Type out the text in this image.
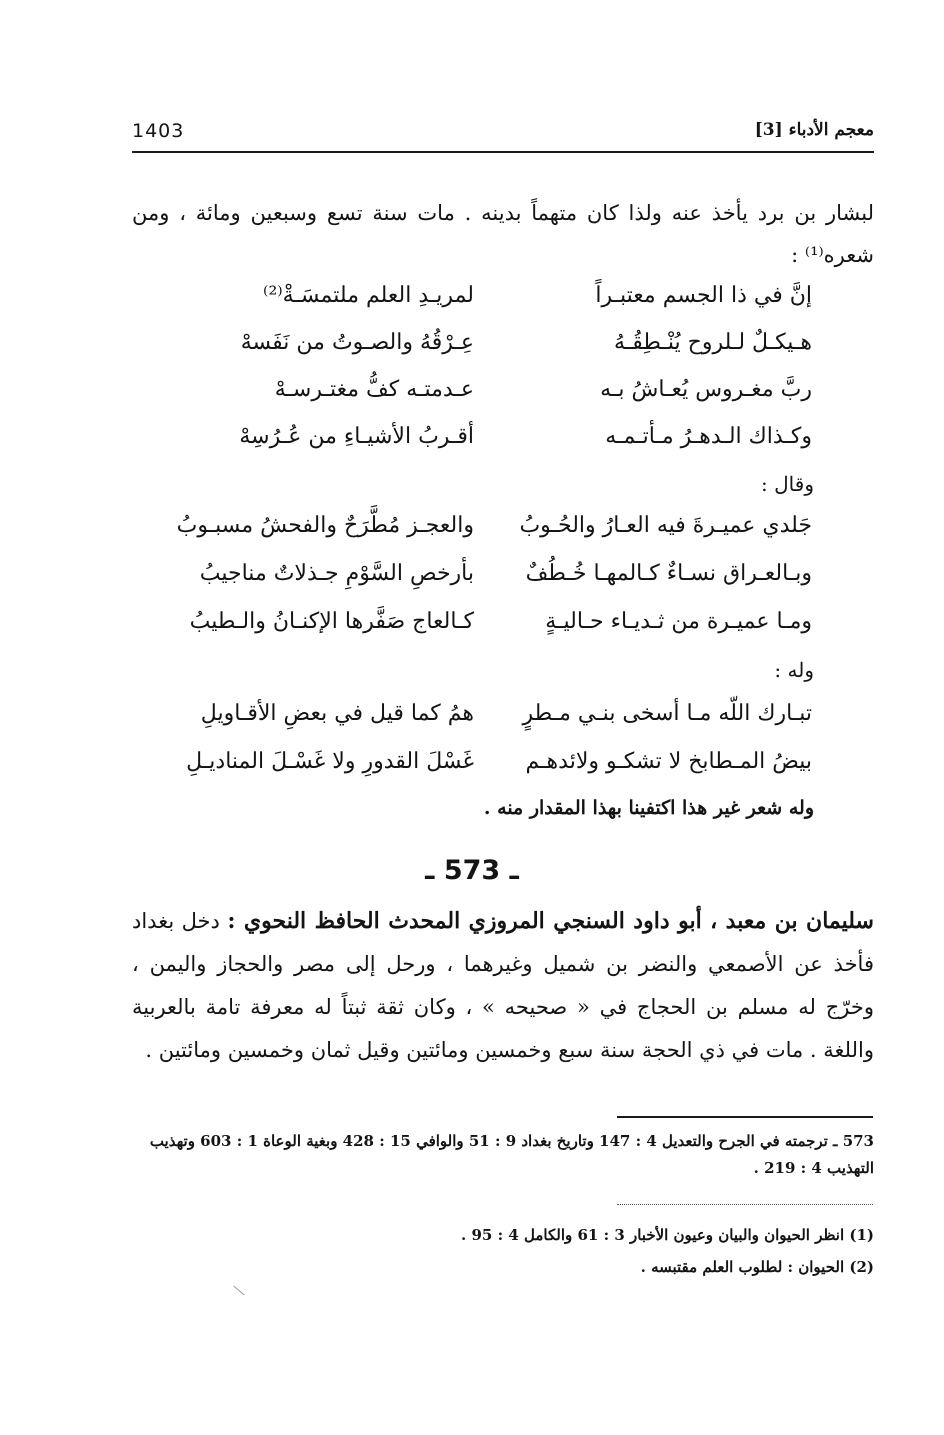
1403	معجم الأدباء [3]
لبشار بن برد يأخذ عنه ولذا كان متهماً بدينه . مات سنة تسع وسبعين ومائة ، ومن شعره⁽¹⁾ :
إنَّ في ذا الجسم معتبـراً
لمريـدِ العلم ملتمسَـةْ⁽²⁾
هـيكـلٌ لـلروح يُنْـطِقُـهُ
عِـرْقُهُ والصـوتُ من نَفَسهْ
ربَّ مغـروس يُعـاشُ بـه
عـدمتـه كفُّ مغتـرسـهْ
وكـذاك الـدهـرُ مـأتـمـه
أقـربُ الأشيـاءِ من عُـرُسِهْ
وقال :
جَلدي عميـرةَ فيه العـارُ والحُـوبُ
والعجـز مُطَّرَحٌ والفحشُ مسبـوبُ
وبـالعـراق نسـاءٌ كـالمهـا خُـطُفٌ
بأرخصِ السَّوْمِ جـذلاتٌ مناجيبُ
ومـا عميـرة من ثـديـاء حـاليـةٍ
كـالعاج صَفَّرها الإكنـانُ والـطيبُ
وله :
تبـارك اللّه مـا أسخى بنـي مـطرٍ
همُ كما قيل في بعضِ الأقـاويلِ
بيضُ المـطابخ لا تشكـو ولائدهـم
غَسْلَ القدورِ ولا غَسْـلَ المناديـلِ
وله شعر غير هذا اكتفينا بهذا المقدار منه .
ـ 573 ـ
سليمان بن معبد ، أبو داود السنجي المروزي المحدث الحافظ النحوي : دخل بغداد فأخذ عن الأصمعي والنضر بن شميل وغيرهما ، ورحل إلى مصر والحجاز واليمن ، وخرّج له مسلم بن الحجاج في « صحيحه » ، وكان ثقة ثبتاً له معرفة تامة بالعربية واللغة . مات في ذي الحجة سنة سبع وخمسين ومائتين وقيل ثمان وخمسين ومائتين .
573 ـ ترجمته في الجرح والتعديل 4 : 147 وتاريخ بغداد 9 : 51 والوافي 15 : 428 وبغية الوعاة 1 : 603 وتهذيب التهذيب 4 : 219 .
(1) انظر الحيوان والبيان وعيون الأخبار 3 : 61 والكامل 4 : 95 .
(2) الحيوان : لطلوب العلم مقتبسه .
